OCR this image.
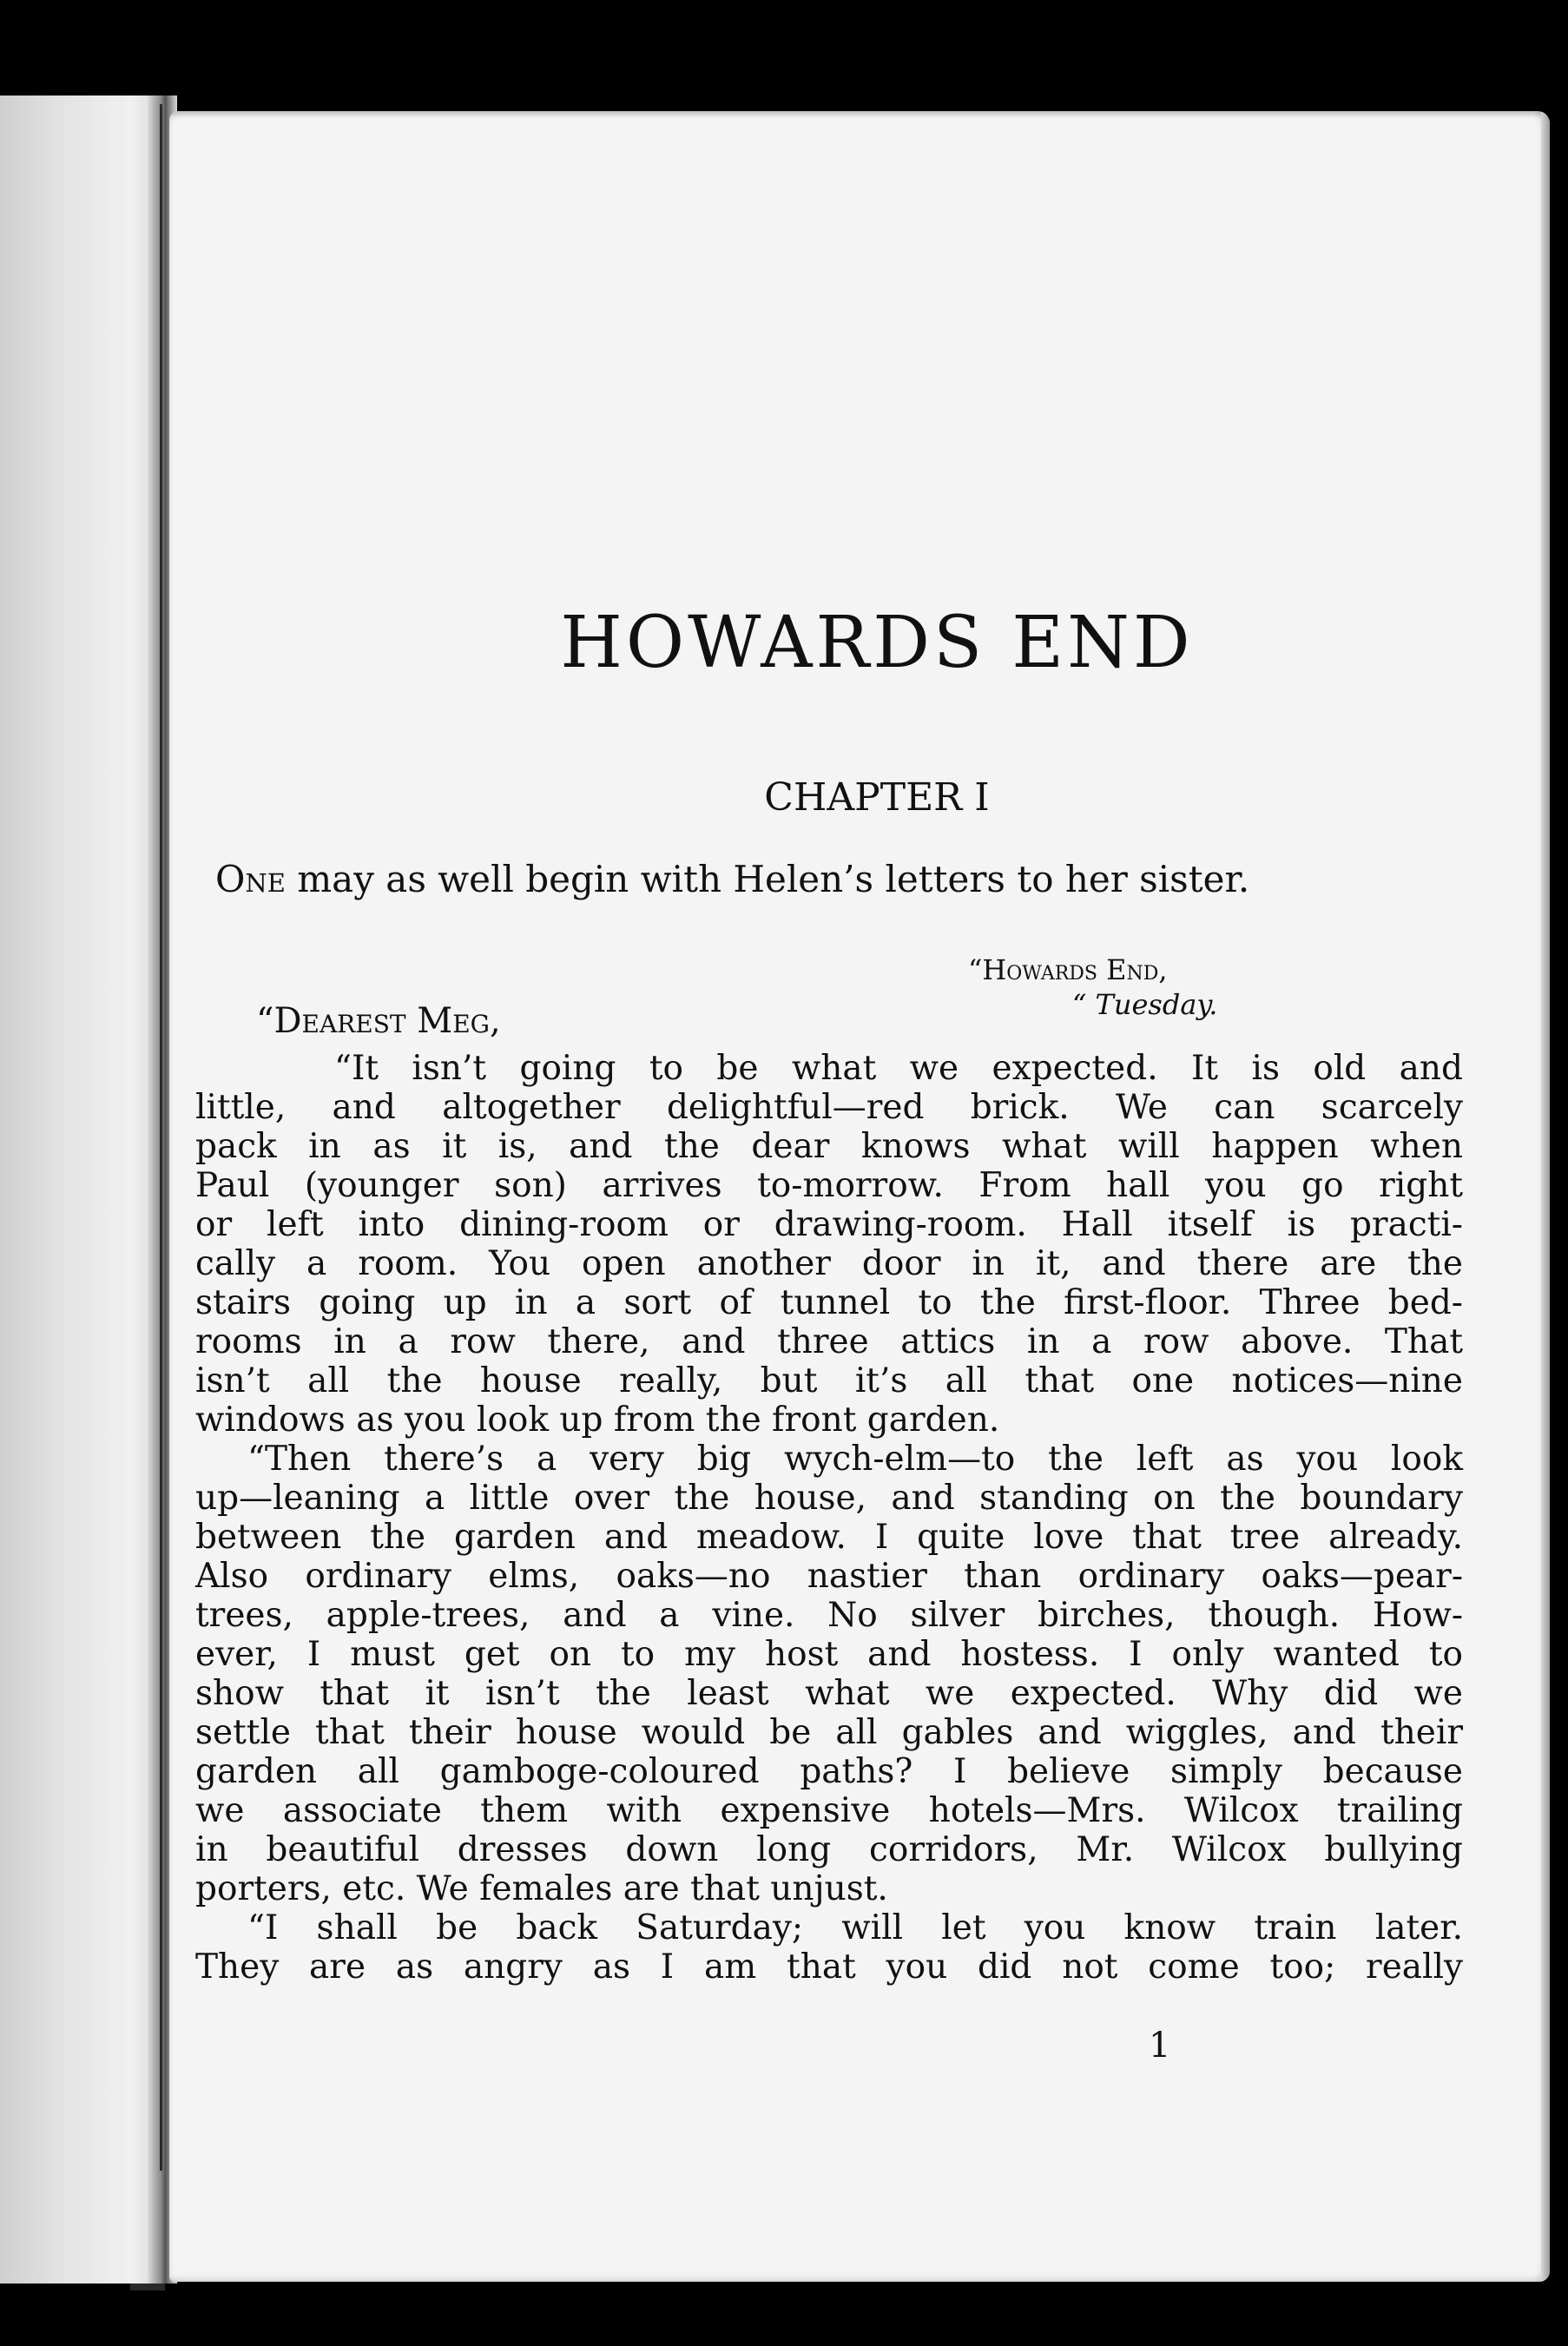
HOWARDS END
CHAPTER I
One may as well begin with Helen’s letters to her sister.
“Howards End,
“ Tuesday.
“Dearest Meg,
“It isn’t going to be what we expected. It is old and
little, and altogether delightful—red brick. We can scarcely
pack in as it is, and the dear knows what will happen when
Paul (younger son) arrives to-morrow. From hall you go right
or left into dining-room or drawing-room. Hall itself is practi-
cally a room. You open another door in it, and there are the
stairs going up in a sort of tunnel to the first-floor. Three bed-
rooms in a row there, and three attics in a row above. That
isn’t all the house really, but it’s all that one notices—nine
windows as you look up from the front garden.
“Then there’s a very big wych-elm—to the left as you look
up—leaning a little over the house, and standing on the boundary
between the garden and meadow. I quite love that tree already.
Also ordinary elms, oaks—no nastier than ordinary oaks—pear-
trees, apple-trees, and a vine. No silver birches, though. How-
ever, I must get on to my host and hostess. I only wanted to
show that it isn’t the least what we expected. Why did we
settle that their house would be all gables and wiggles, and their
garden all gamboge-coloured paths? I believe simply because
we associate them with expensive hotels—Mrs. Wilcox trailing
in beautiful dresses down long corridors, Mr. Wilcox bullying
porters, etc. We females are that unjust.
“I shall be back Saturday; will let you know train later.
They are as angry as I am that you did not come too; really
1
